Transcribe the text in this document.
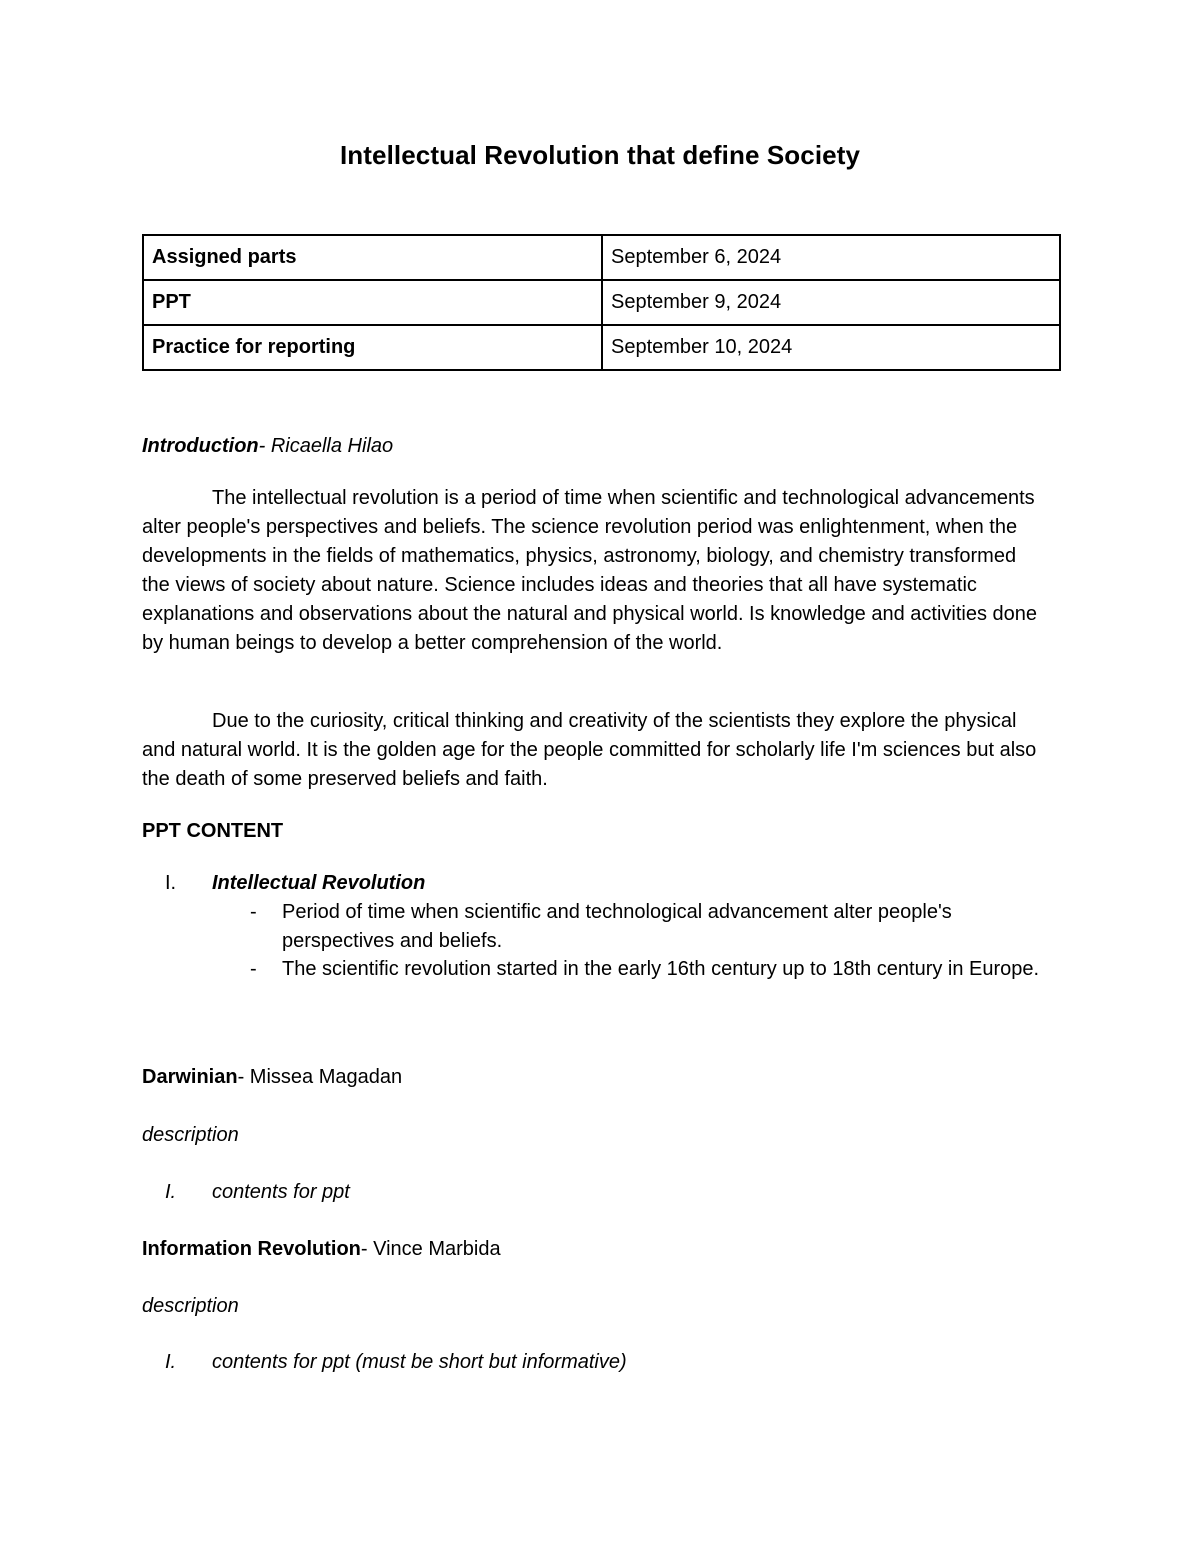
Intellectual Revolution that define Society
Assigned parts	September 6, 2024
PPT	September 9, 2024
Practice for reporting	September 10, 2024
Introduction- Ricaella Hilao

The intellectual revolution is a period of time when scientific and technological advancements alter people's perspectives and beliefs. The science revolution period was enlightenment, when the developments in the fields of mathematics, physics, astronomy, biology, and chemistry transformed the views of society about nature. Science includes ideas and theories that all have systematic explanations and observations about the natural and physical world. Is knowledge and activities done by human beings to develop a better comprehension of the world.

Due to the curiosity, critical thinking and creativity of the scientists they explore the physical and natural world. It is the golden age for the people committed for scholarly life I'm sciences but also the death of some preserved beliefs and faith.

PPT CONTENT
I.	Intellectual Revolution
- Period of time when scientific and technological advancement alter people's perspectives and beliefs.
- The scientific revolution started in the early 16th century up to 18th century in Europe.
Darwinian- Missea Magadan
description
I.	contents for ppt
Information Revolution- Vince Marbida
description
I.	contents for ppt (must be short but informative)
